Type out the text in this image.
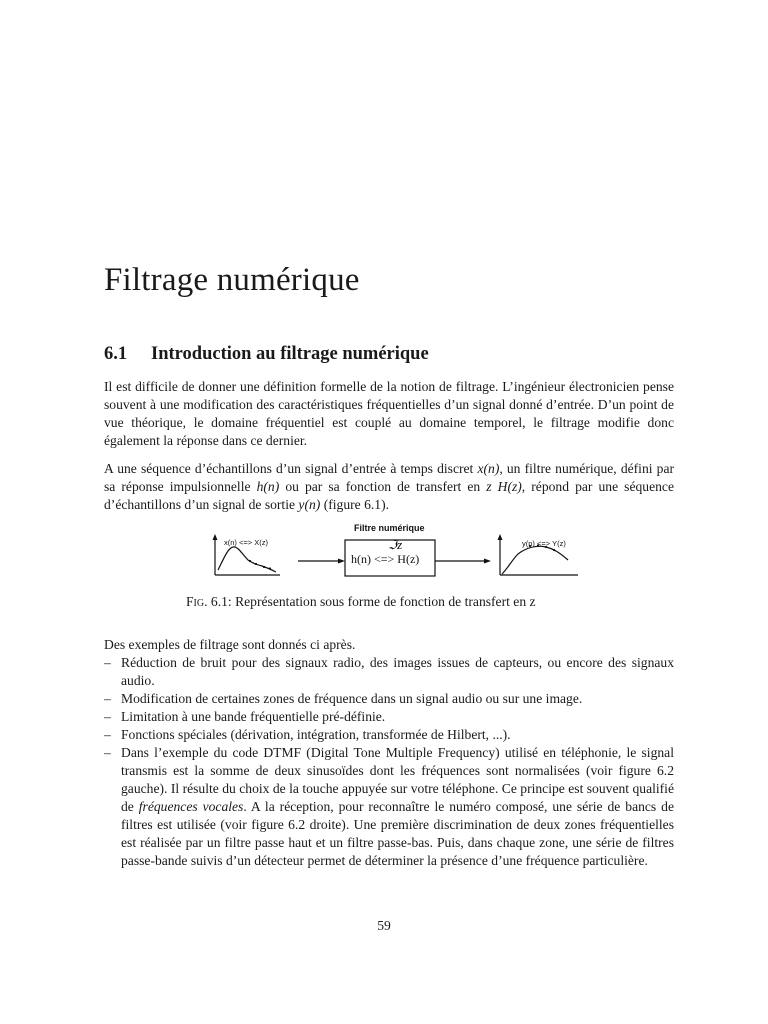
Filtrage numérique
6.1 Introduction au filtrage numérique

Il est difficile de donner une définition formelle de la notion de filtrage. L’ingénieur électronicien pense souvent à une modification des caractéristiques fréquentielles d’un signal donné d’entrée. D’un point de vue théorique, le domaine fréquentiel est couplé au domaine temporel, le filtrage modifie donc également la réponse dans ce dernier.

A une séquence d’échantillons d’un signal d’entrée à temps discret x(n), un filtre numérique, défini par sa réponse impulsionnelle h(n) ou par sa fonction de transfert en z H(z), répond par une séquence d’échantillons d’un signal de sortie y(n) (figure 6.1).

Filtre numérique
x(n) <=> X(z)	y(n) <=> Y(z)
ℑz
h(n) <=> H(z)

Fig. 6.1: Représentation sous forme de fonction de transfert en z

Des exemples de filtrage sont donnés ci après.

– Réduction de bruit pour des signaux radio, des images issues de capteurs, ou encore des signaux audio.
– Modification de certaines zones de fréquence dans un signal audio ou sur une image.
– Limitation à une bande fréquentielle pré-définie.
– Fonctions spéciales (dérivation, intégration, transformée de Hilbert, ...).
– Dans l’exemple du code DTMF (Digital Tone Multiple Frequency) utilisé en téléphonie, le signal transmis est la somme de deux sinusoïdes dont les fréquences sont normalisées (voir figure 6.2 gauche). Il résulte du choix de la touche appuyée sur votre téléphone. Ce principe est souvent qualifié de fréquences vocales. A la réception, pour reconnaître le numéro composé, une série de bancs de filtres est utilisée (voir figure 6.2 droite). Une première discrimination de deux zones fréquentielles est réalisée par un filtre passe haut et un filtre passe-bas. Puis, dans chaque zone, une série de filtres passe-bande suivis d’un détecteur permet de déterminer la présence d’une fréquence particulière.
59
